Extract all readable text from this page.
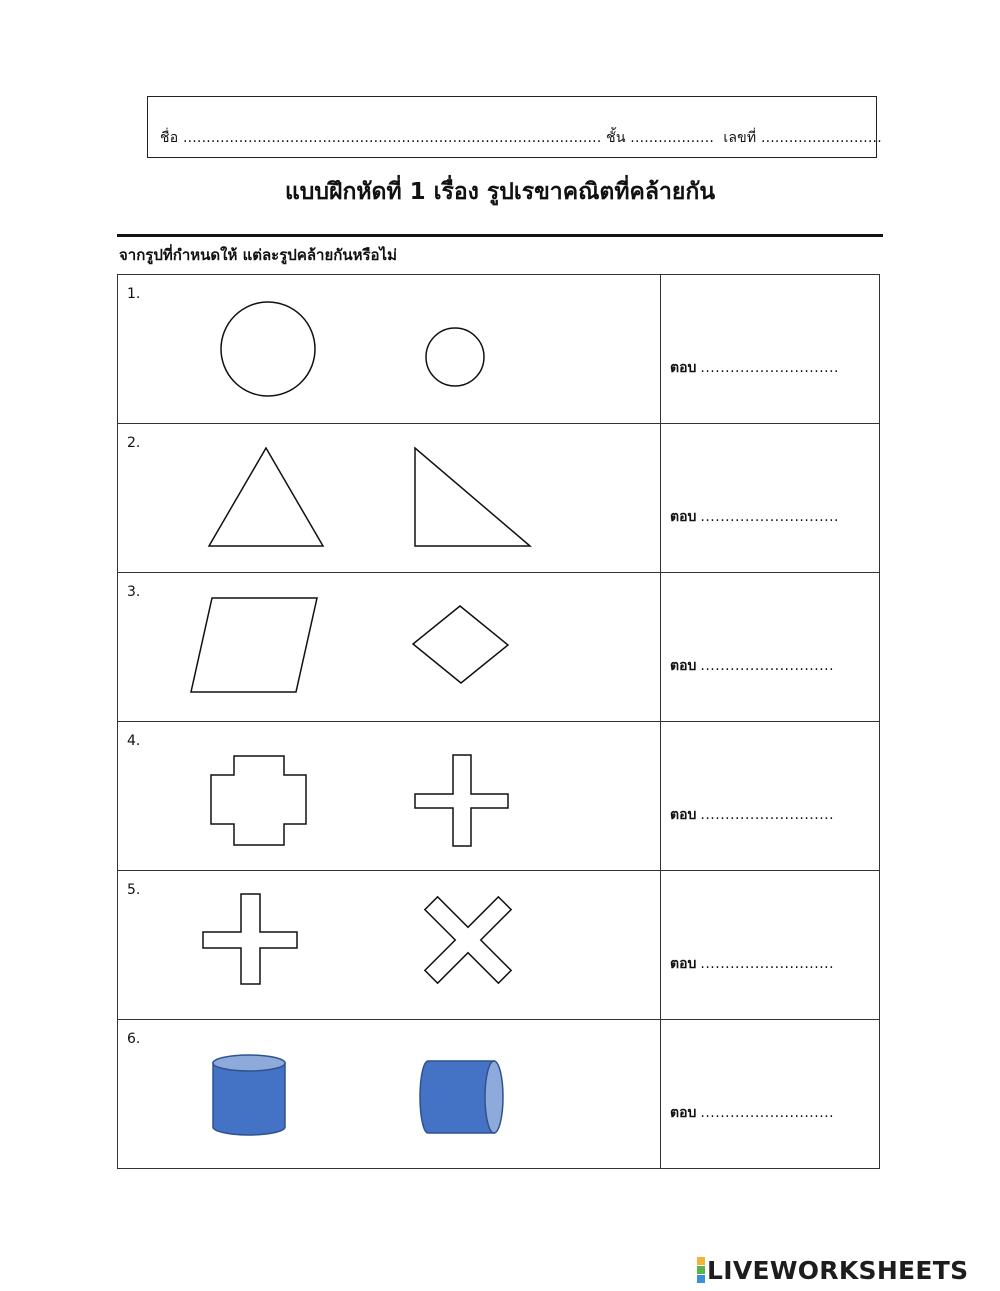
ชื่อ .......................................................................................... ชั้น .................. เลขที่ ..........................
แบบฝึกหัดที่ 1 เรื่อง รูปเรขาคณิตที่คล้ายกัน
จากรูปที่กำหนดให้ แต่ละรูปคล้ายกันหรือไม่
1.
ตอบ ............................
2.
ตอบ ............................
3.
ตอบ ...........................
4.
ตอบ ...........................
5.
ตอบ ...........................
6.
ตอบ ...........................
LIVEWORKSHEETS
